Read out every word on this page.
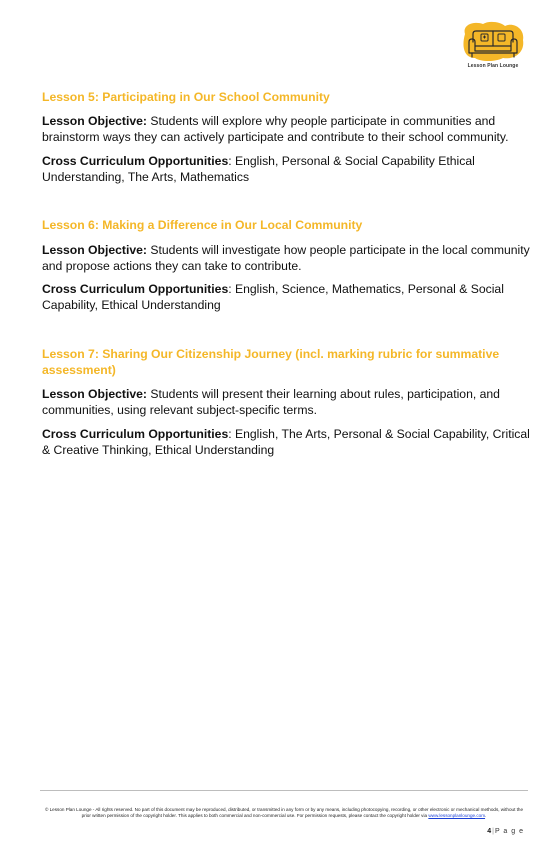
Lesson Plan Lounge

Lesson 5: Participating in Our School Community

Lesson Objective: Students will explore why people participate in communities and brainstorm ways they can actively participate and contribute to their school community.

Cross Curriculum Opportunities: English, Personal & Social Capability Ethical Understanding, The Arts, Mathematics

Lesson 6: Making a Difference in Our Local Community

Lesson Objective: Students will investigate how people participate in the local community and propose actions they can take to contribute.

Cross Curriculum Opportunities: English, Science, Mathematics, Personal & Social Capability, Ethical Understanding

Lesson 7: Sharing Our Citizenship Journey (incl. marking rubric for summative assessment)

Lesson Objective: Students will present their learning about rules, participation, and communities, using relevant subject-specific terms.

Cross Curriculum Opportunities: English, The Arts, Personal & Social Capability, Critical & Creative Thinking, Ethical Understanding

© Lesson Plan Lounge - All rights reserved. No part of this document may be reproduced, distributed, or transmitted in any form or by any means, including photocopying, recording, or other electronic or mechanical methods, without the prior written permission of the copyright holder. This applies to both commercial and non-commercial use. For permission requests, please contact the copyright holder via www.lessonplanlounge.com.
4|P a g e
